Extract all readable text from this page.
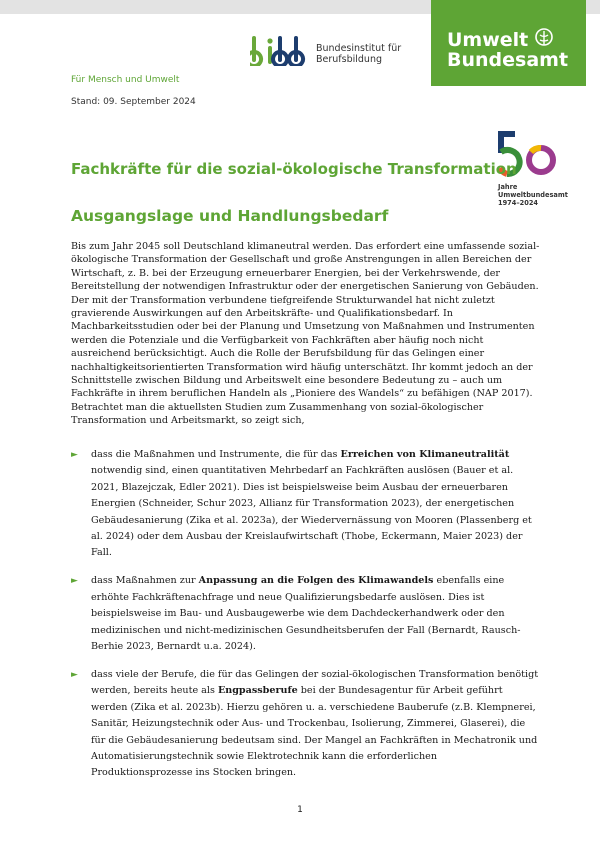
Bundesinstitut für
Berufsbildung
Umwelt
Bundesamt
Für Mensch und Umwelt
Stand: 09. September 2024
Jahre
Umweltbundesamt
1974–2024
Fachkräfte für die sozial-ökologische Transformation
Ausgangslage und Handlungsbedarf

Bis zum Jahr 2045 soll Deutschland klimaneutral werden. Das erfordert eine umfassende sozial-ökologische Transformation der Gesellschaft und große Anstrengungen in allen Bereichen der Wirtschaft, z. B. bei der Erzeugung erneuerbarer Energien, bei der Verkehrswende, der Bereitstellung der notwendigen Infrastruktur oder der energetischen Sanierung von Gebäuden. Der mit der Transformation verbundene tiefgreifende Strukturwandel hat nicht zuletzt gravierende Auswirkungen auf den Arbeitskräfte- und Qualifikationsbedarf. In Machbarkeitsstudien oder bei der Planung und Umsetzung von Maßnahmen und Instrumenten werden die Potenziale und die Verfügbarkeit von Fachkräften aber häufig noch nicht ausreichend berücksichtigt. Auch die Rolle der Berufsbildung für das Gelingen einer nachhaltigkeitsorientierten Transformation wird häufig unterschätzt. Ihr kommt jedoch an der Schnittstelle zwischen Bildung und Arbeitswelt eine besondere Bedeutung zu – auch um Fachkräfte in ihrem beruflichen Handeln als „Pioniere des Wandels“ zu befähigen (NAP 2017). Betrachtet man die aktuellsten Studien zum Zusammenhang von sozial-ökologischer Transformation und Arbeitsmarkt, so zeigt sich,

► dass die Maßnahmen und Instrumente, die für das Erreichen von Klimaneutralität notwendig sind, einen quantitativen Mehrbedarf an Fachkräften auslösen (Bauer et al. 2021, Blazejczak, Edler 2021). Dies ist beispielsweise beim Ausbau der erneuerbaren Energien (Schneider, Schur 2023, Allianz für Transformation 2023), der energetischen Gebäudesanierung (Zika et al. 2023a), der Wiedervernässung von Mooren (Plassenberg et al. 2024) oder dem Ausbau der Kreislaufwirtschaft (Thobe, Eckermann, Maier 2023) der Fall.
► dass Maßnahmen zur Anpassung an die Folgen des Klimawandels ebenfalls eine erhöhte Fachkräftenachfrage und neue Qualifizierungsbedarfe auslösen. Dies ist beispielsweise im Bau- und Ausbaugewerbe wie dem Dachdeckerhandwerk oder den medizinischen und nicht-medizinischen Gesundheitsberufen der Fall (Bernardt, Rausch-Berhie 2023, Bernardt u.a. 2024).
► dass viele der Berufe, die für das Gelingen der sozial-ökologischen Transformation benötigt werden, bereits heute als Engpassberufe bei der Bundesagentur für Arbeit geführt werden (Zika et al. 2023b). Hierzu gehören u. a. verschiedene Bauberufe (z.B. Klempnerei, Sanitär, Heizungstechnik oder Aus- und Trockenbau, Isolierung, Zimmerei, Glaserei), die für die Gebäudesanierung bedeutsam sind. Der Mangel an Fachkräften in Mechatronik und Automatisierungstechnik sowie Elektrotechnik kann die erforderlichen Produktionsprozesse ins Stocken bringen.
1
